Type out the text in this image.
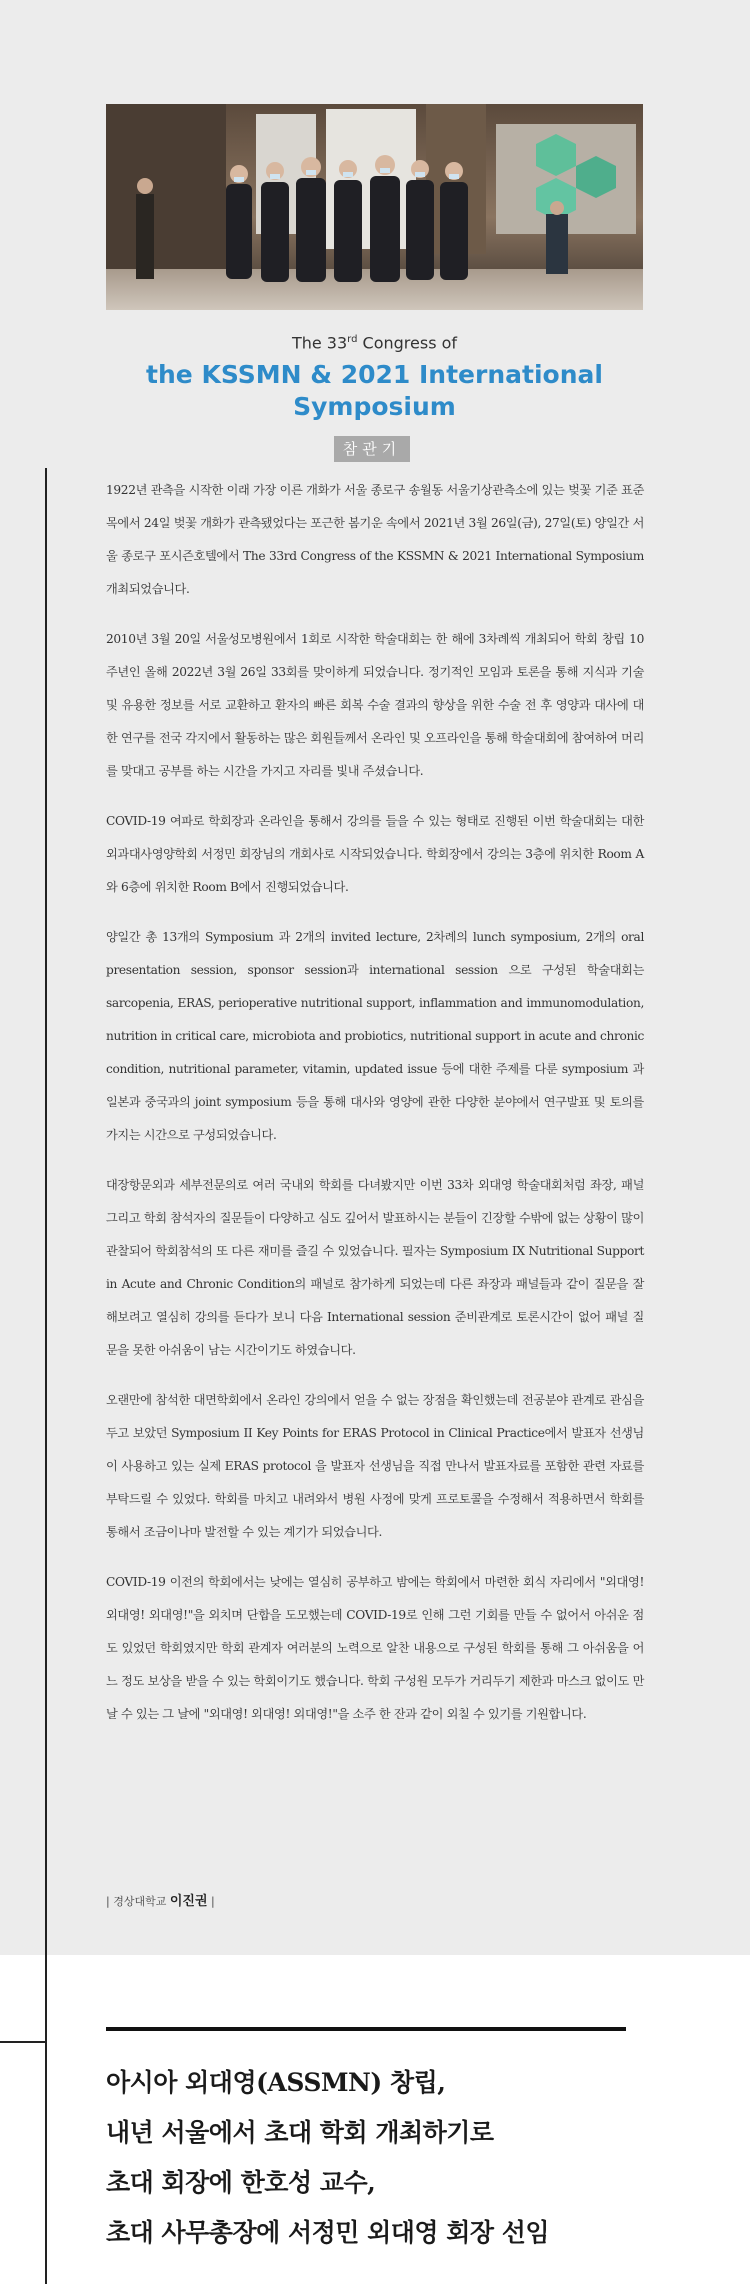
The 33rd Congress of
the KSSMN & 2021 International
Symposium
참관기

1922년 관측을 시작한 이래 가장 이른 개화가 서울 종로구 송월동 서울기상관측소에 있는 벚꽃 기준 표준목에서 24일 벚꽃 개화가 관측됐었다는 포근한 봄기운 속에서 2021년 3월 26일(금), 27일(토) 양일간 서울 종로구 포시즌호텔에서 The 33rd Congress of the KSSMN & 2021 International Symposium 개최되었습니다.

2010년 3월 20일 서울성모병원에서 1회로 시작한 학술대회는 한 해에 3차례씩 개최되어 학회 창립 10주년인 올해 2022년 3월 26일 33회를 맞이하게 되었습니다. 정기적인 모임과 토론을 통해 지식과 기술 및 유용한 정보를 서로 교환하고 환자의 빠른 회복 수술 결과의 향상을 위한 수술 전 후 영양과 대사에 대한 연구를 전국 각지에서 활동하는 많은 회원들께서 온라인 및 오프라인을 통해 학술대회에 참여하여 머리를 맞대고 공부를 하는 시간을 가지고 자리를 빛내 주셨습니다.

COVID-19 여파로 학회장과 온라인을 통해서 강의를 들을 수 있는 형태로 진행된 이번 학술대회는 대한외과대사영양학회 서정민 회장님의 개회사로 시작되었습니다. 학회장에서 강의는 3층에 위치한 Room A 와 6층에 위치한 Room B에서 진행되었습니다.

양일간 총 13개의 Symposium 과 2개의 invited lecture, 2차례의 lunch symposium, 2개의 oral presentation session, sponsor session과 international session 으로 구성된 학술대회는 sarcopenia, ERAS, perioperative nutritional support, inflammation and immunomodulation, nutrition in critical care, microbiota and probiotics, nutritional support in acute and chronic condition, nutritional parameter, vitamin, updated issue 등에 대한 주제를 다룬 symposium 과 일본과 중국과의 joint symposium 등을 통해 대사와 영양에 관한 다양한 분야에서 연구발표 및 토의를 가지는 시간으로 구성되었습니다.

대장항문외과 세부전문의로 여러 국내외 학회를 다녀봤지만 이번 33차 외대영 학술대회처럼 좌장, 패널 그리고 학회 참석자의 질문들이 다양하고 심도 깊어서 발표하시는 분들이 긴장할 수밖에 없는 상황이 많이 관찰되어 학회참석의 또 다른 재미를 즐길 수 있었습니다. 필자는 Symposium IX Nutritional Support in Acute and Chronic Condition의 패널로 참가하게 되었는데 다른 좌장과 패널들과 같이 질문을 잘 해보려고 열심히 강의를 듣다가 보니 다음 International session 준비관계로 토론시간이 없어 패널 질문을 못한 아쉬움이 남는 시간이기도 하였습니다.

오랜만에 참석한 대면학회에서 온라인 강의에서 얻을 수 없는 장점을 확인했는데 전공분야 관계로 관심을 두고 보았던 Symposium II Key Points for ERAS Protocol in Clinical Practice에서 발표자 선생님이 사용하고 있는 실제 ERAS protocol 을 발표자 선생님을 직접 만나서 발표자료를 포함한 관련 자료를 부탁드릴 수 있었다. 학회를 마치고 내려와서 병원 사정에 맞게 프로토콜을 수정해서 적용하면서 학회를 통해서 조금이나마 발전할 수 있는 계기가 되었습니다.

COVID-19 이전의 학회에서는 낮에는 열심히 공부하고 밤에는 학회에서 마련한 회식 자리에서 "외대영! 외대영! 외대영!"을 외치며 단합을 도모했는데 COVID-19로 인해 그런 기회를 만들 수 없어서 아쉬운 점도 있었던 학회였지만 학회 관계자 여러분의 노력으로 알찬 내용으로 구성된 학회를 통해 그 아쉬움을 어느 정도 보상을 받을 수 있는 학회이기도 했습니다. 학회 구성원 모두가 거리두기 제한과 마스크 없이도 만날 수 있는 그 날에 "외대영! 외대영! 외대영!"을 소주 한 잔과 같이 외칠 수 있기를 기원합니다.

| 경상대학교 이진권 |
아시아 외대영(ASSMN) 창립,
내년 서울에서 초대 학회 개최하기로
초대 회장에 한호성 교수,
초대 사무총장에 서정민 외대영 회장 선임
